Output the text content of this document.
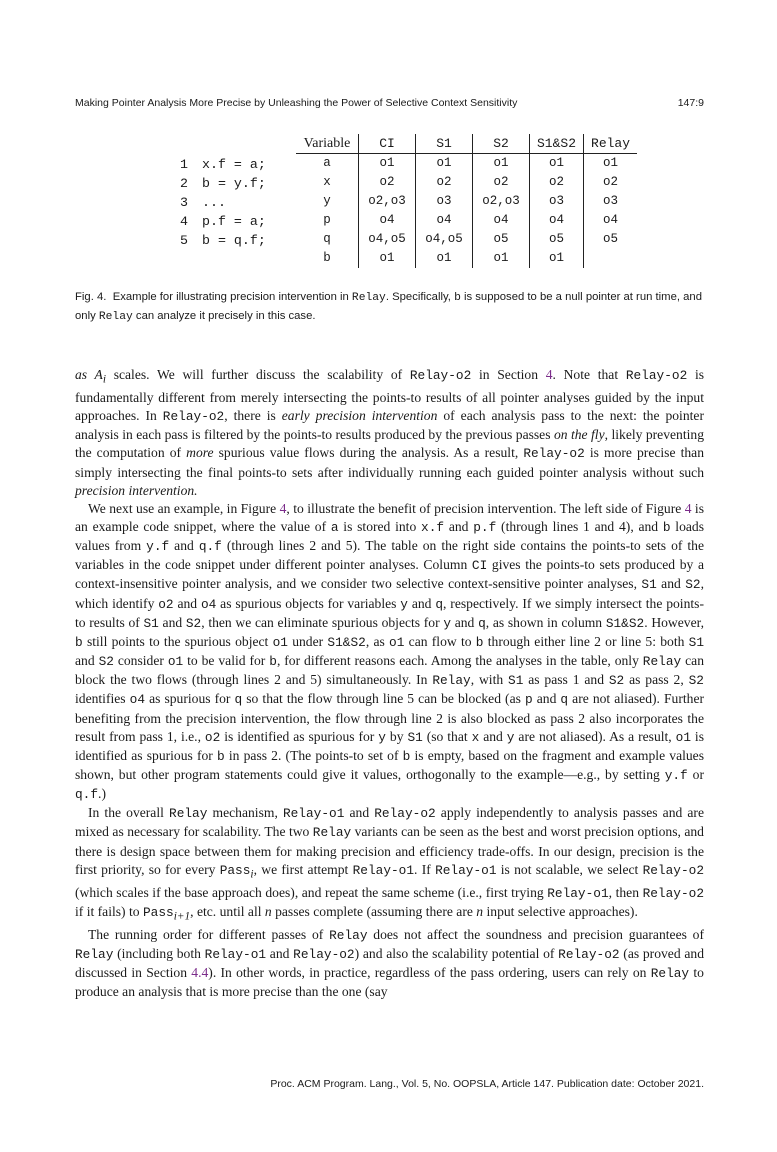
Making Pointer Analysis More Precise by Unleashing the Power of Selective Context Sensitivity	147:9
1 x.f = a;
2 b = y.f;
3 ...
4 p.f = a;
5 b = q.f;
Variable	CI	S1	S2	S1&S2	Relay
a	o1	o1	o1	o1	o1
x	o2	o2	o2	o2	o2
y	o2,o3	o3	o2,o3	o3	o3
p	o4	o4	o4	o4	o4
q	o4,o5	o4,o5	o5	o5	o5
b	o1	o1	o1	o1	
Fig. 4. Example for illustrating precision intervention in Relay. Specifically, b is supposed to be a null pointer at run time, and only Relay can analyze it precisely in this case.

as $A_i$ scales. We will further discuss the scalability of Relay-o2 in Section 4. Note that Relay-o2 is fundamentally different from merely intersecting the points-to results of all pointer analyses guided by the input approaches. In Relay-o2, there is early precision intervention of each analysis pass to the next: the pointer analysis in each pass is filtered by the points-to results produced by the previous passes on the fly, likely preventing the computation of more spurious value flows during the analysis. As a result, Relay-o2 is more precise than simply intersecting the final points-to sets after individually running each guided pointer analysis without such precision intervention.

We next use an example, in Figure 4, to illustrate the benefit of precision intervention. The left side of Figure 4 is an example code snippet, where the value of a is stored into x.f and p.f (through lines 1 and 4), and b loads values from y.f and q.f (through lines 2 and 5). The table on the right side contains the points-to sets of the variables in the code snippet under different pointer analyses. Column CI gives the points-to sets produced by a context-insensitive pointer analysis, and we consider two selective context-sensitive pointer analyses, S1 and S2, which identify o2 and o4 as spurious objects for variables y and q, respectively. If we simply intersect the points-to results of S1 and S2, then we can eliminate spurious objects for y and q, as shown in column S1&S2. However, b still points to the spurious object o1 under S1&S2, as o1 can flow to b through either line 2 or line 5: both S1 and S2 consider o1 to be valid for b, for different reasons each. Among the analyses in the table, only Relay can block the two flows (through lines 2 and 5) simultaneously. In Relay, with S1 as pass 1 and S2 as pass 2, S2 identifies o4 as spurious for q so that the flow through line 5 can be blocked (as p and q are not aliased). Further benefiting from the precision intervention, the flow through line 2 is also blocked as pass 2 also incorporates the result from pass 1, i.e., o2 is identified as spurious for y by S1 (so that x and y are not aliased). As a result, o1 is identified as spurious for b in pass 2. (The points-to set of b is empty, based on the fragment and example values shown, but other program statements could give it values, orthogonally to the example—e.g., by setting y.f or q.f.)

In the overall Relay mechanism, Relay-o1 and Relay-o2 apply independently to analysis passes and are mixed as necessary for scalability. The two Relay variants can be seen as the best and worst precision options, and there is design space between them for making precision and efficiency trade-offs. In our design, precision is the first priority, so for every Pass$_i$, we first attempt Relay-o1. If Relay-o1 is not scalable, we select Relay-o2 (which scales if the base approach does), and repeat the same scheme (i.e., first trying Relay-o1, then Relay-o2 if it fails) to Pass$_{i+1}$, etc. until all n passes complete (assuming there are n input selective approaches).

The running order for different passes of Relay does not affect the soundness and precision guarantees of Relay (including both Relay-o1 and Relay-o2) and also the scalability potential of Relay-o2 (as proved and discussed in Section 4.4). In other words, in practice, regardless of the pass ordering, users can rely on Relay to produce an analysis that is more precise than the one (say

Proc. ACM Program. Lang., Vol. 5, No. OOPSLA, Article 147. Publication date: October 2021.
